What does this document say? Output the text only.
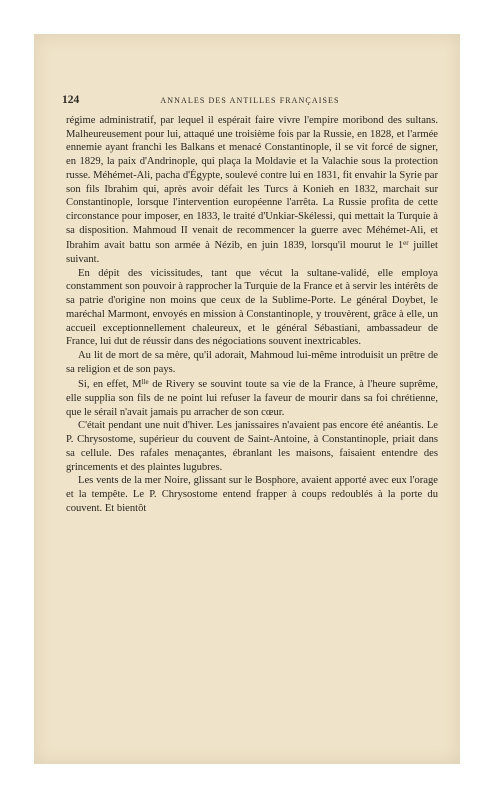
124	ANNALES DES ANTILLES FRANÇAISES

régime administratif, par lequel il espérait faire vivre l'empire moribond des sultans. Malheureusement pour lui, attaqué une troisième fois par la Russie, en 1828, et l'armée ennemie ayant franchi les Balkans et menacé Constantinople, il se vit forcé de signer, en 1829, la paix d'Andrinople, qui plaça la Moldavie et la Valachie sous la protection russe. Méhémet-Ali, pacha d'Égypte, soulevé contre lui en 1831, fit envahir la Syrie par son fils Ibrahim qui, après avoir défait les Turcs à Konieh en 1832, marchait sur Constantinople, lorsque l'intervention européenne l'arrêta. La Russie profita de cette circonstance pour imposer, en 1833, le traité d'Unkiar-Skélessi, qui mettait la Turquie à sa disposition. Mahmoud II venait de recommencer la guerre avec Méhémet-Ali, et Ibrahim avait battu son armée à Nézib, en juin 1839, lorsqu'il mourut le 1er juillet suivant.

En dépit des vicissitudes, tant que vécut la sultane-validé, elle employa constamment son pouvoir à rapprocher la Turquie de la France et à servir les intérêts de sa patrie d'origine non moins que ceux de la Sublime-Porte. Le général Doybet, le maréchal Marmont, envoyés en mission à Constantinople, y trouvèrent, grâce à elle, un accueil exceptionnellement chaleureux, et le général Sébastiani, ambassadeur de France, lui dut de réussir dans des négociations souvent inextricables.

Au lit de mort de sa mère, qu'il adorait, Mahmoud lui-même introduisit un prêtre de sa religion et de son pays.

Si, en effet, $M^{lle}$ de Rivery se souvint toute sa vie de la France, à l'heure suprême, elle supplia son fils de ne point lui refuser la faveur de mourir dans sa foi chrétienne, que le sérail n'avait jamais pu arracher de son cœur.

C'était pendant une nuit d'hiver. Les janissaires n'avaient pas encore été anéantis. Le P. Chrysostome, supérieur du couvent de Saint-Antoine, à Constantinople, priait dans sa cellule. Des rafales menaçantes, ébranlant les maisons, faisaient entendre des grincements et des plaintes lugubres.

Les vents de la mer Noire, glissant sur le Bosphore, avaient apporté avec eux l'orage et la tempête. Le P. Chrysostome entend frapper à coups redoublés à la porte du couvent. Et bientôt
